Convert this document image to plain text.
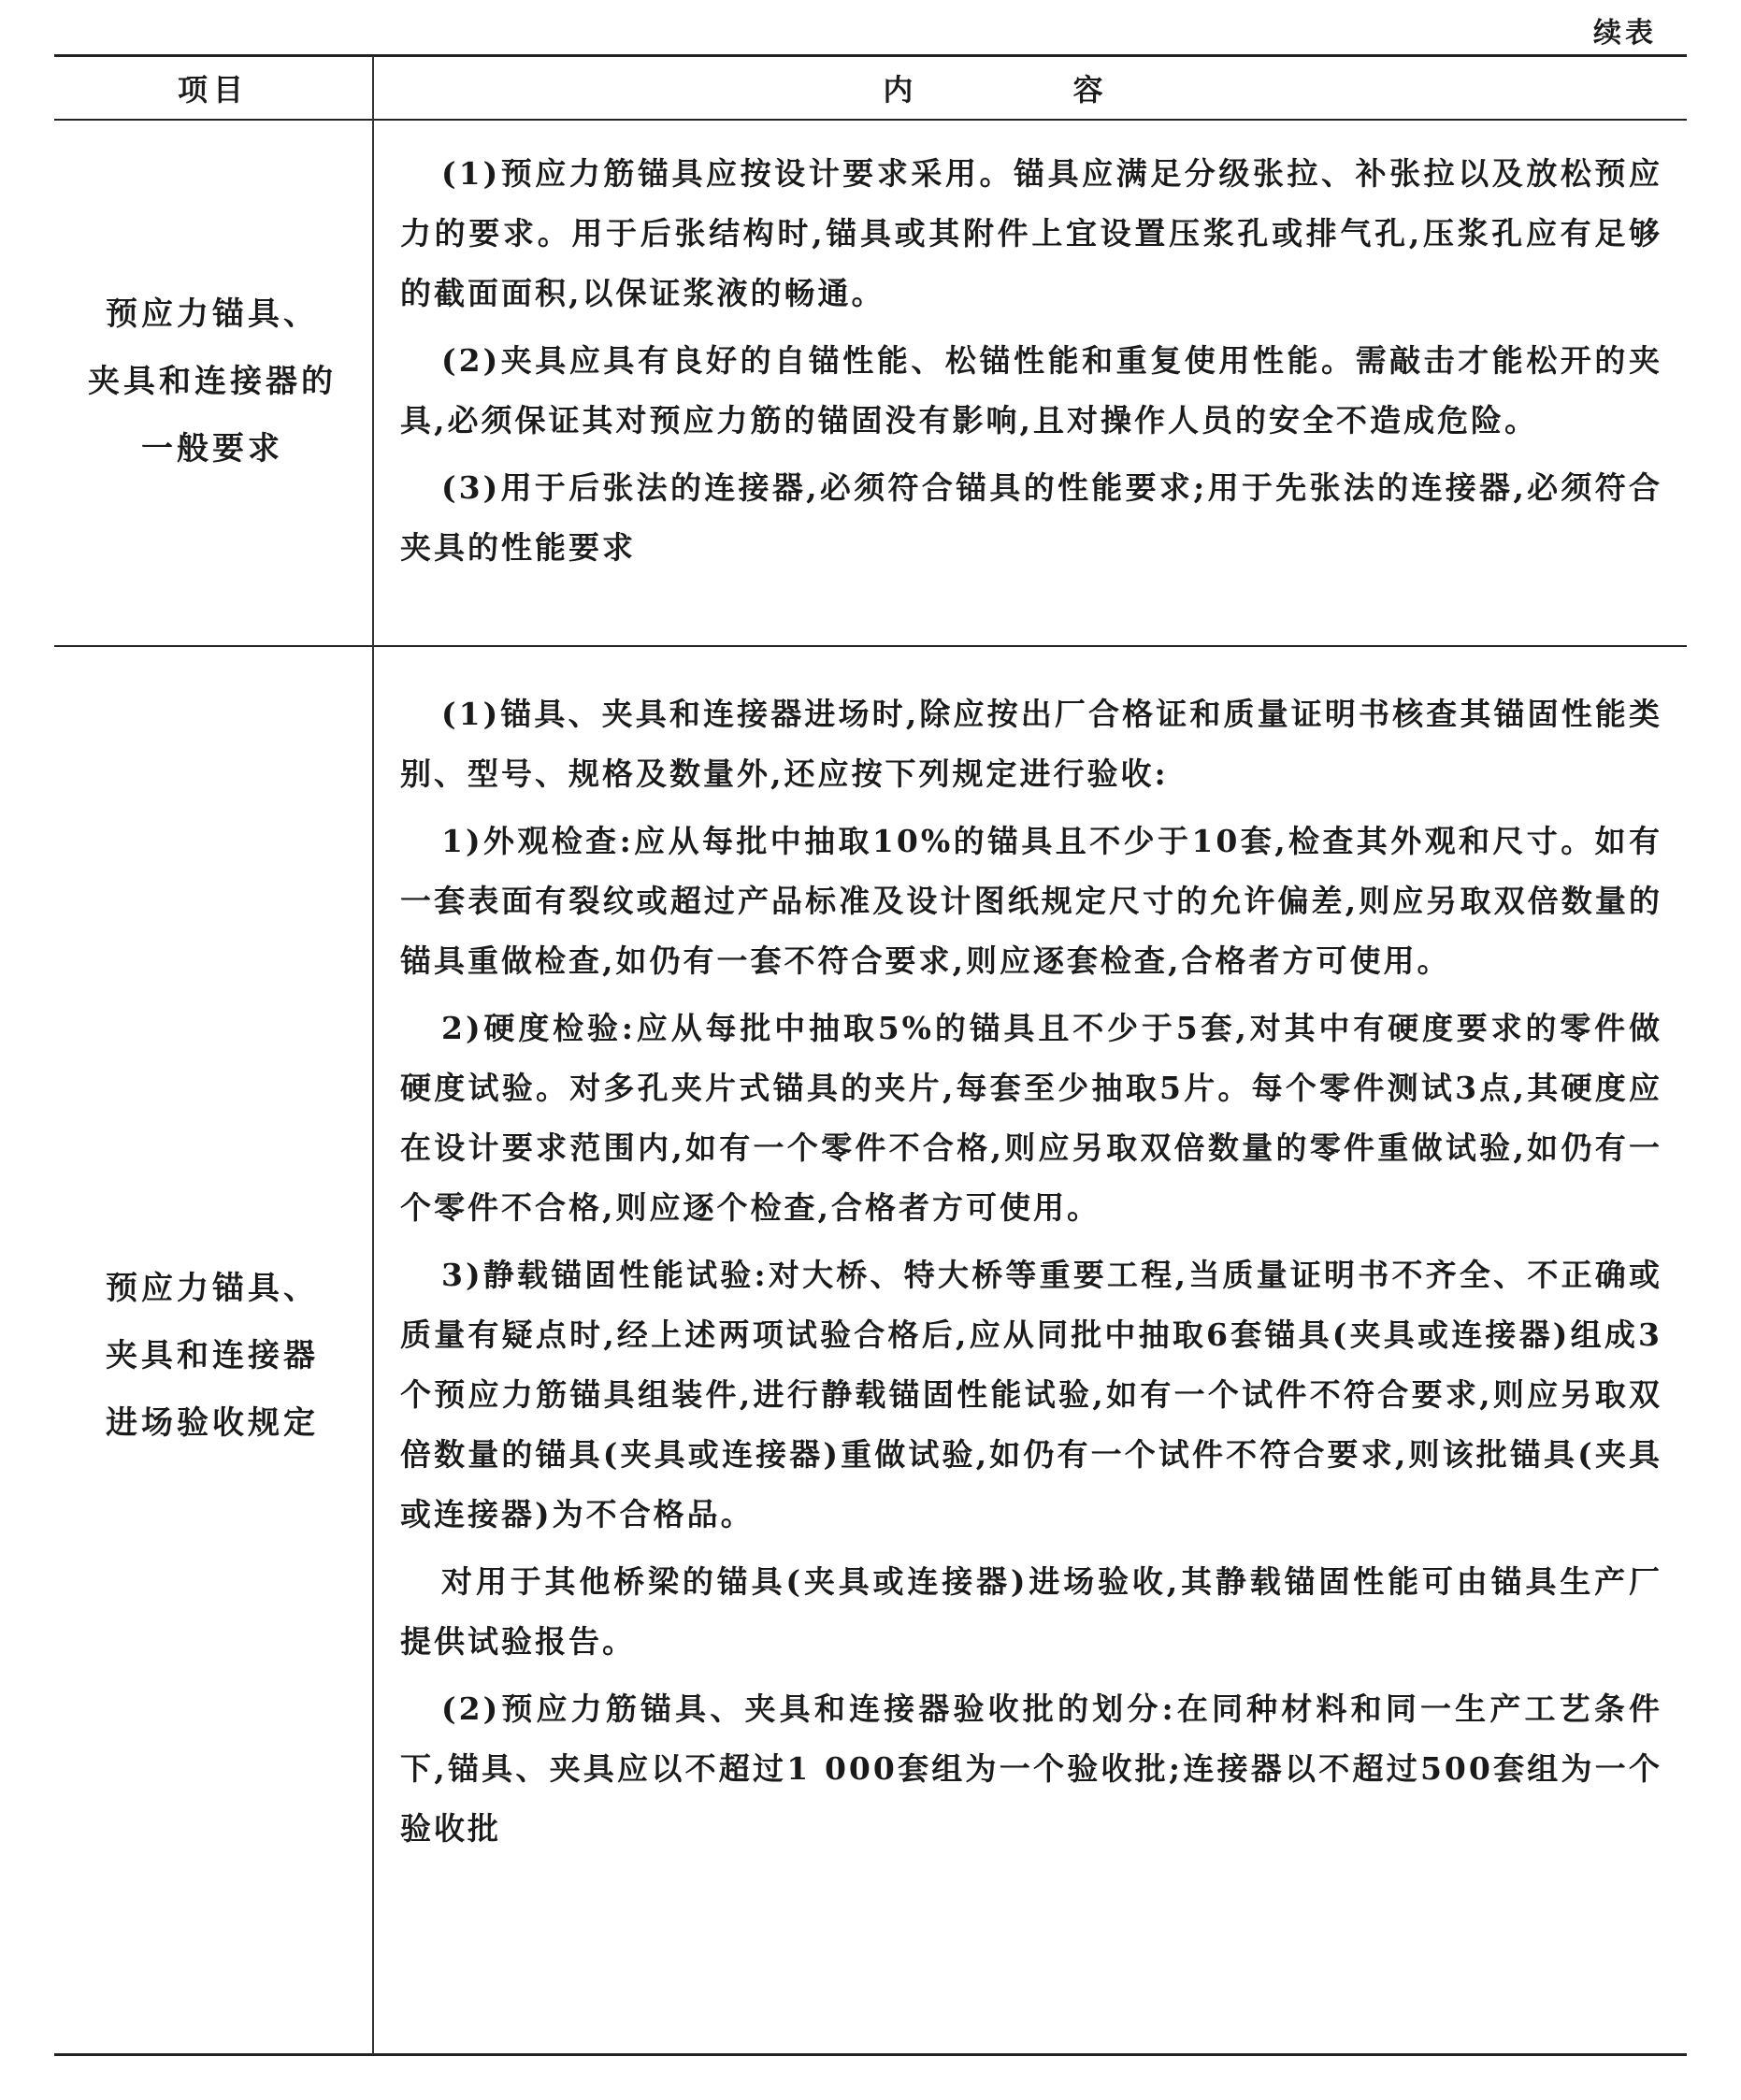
续表
项目	内 容
预应力锚具、
夹具和连接器的
一般要求

(1)预应力筋锚具应按设计要求采用。锚具应满足分级张拉、补张拉以及放松预应力的要求。用于后张结构时,锚具或其附件上宜设置压浆孔或排气孔,压浆孔应有足够的截面面积,以保证浆液的畅通。

(2)夹具应具有良好的自锚性能、松锚性能和重复使用性能。需敲击才能松开的夹具,必须保证其对预应力筋的锚固没有影响,且对操作人员的安全不造成危险。

(3)用于后张法的连接器,必须符合锚具的性能要求;用于先张法的连接器,必须符合夹具的性能要求

预应力锚具、
夹具和连接器
进场验收规定

(1)锚具、夹具和连接器进场时,除应按出厂合格证和质量证明书核查其锚固性能类别、型号、规格及数量外,还应按下列规定进行验收:

1)外观检查:应从每批中抽取10%的锚具且不少于10套,检查其外观和尺寸。如有一套表面有裂纹或超过产品标准及设计图纸规定尺寸的允许偏差,则应另取双倍数量的锚具重做检查,如仍有一套不符合要求,则应逐套检查,合格者方可使用。

2)硬度检验:应从每批中抽取5%的锚具且不少于5套,对其中有硬度要求的零件做硬度试验。对多孔夹片式锚具的夹片,每套至少抽取5片。每个零件测试3点,其硬度应在设计要求范围内,如有一个零件不合格,则应另取双倍数量的零件重做试验,如仍有一个零件不合格,则应逐个检查,合格者方可使用。

3)静载锚固性能试验:对大桥、特大桥等重要工程,当质量证明书不齐全、不正确或质量有疑点时,经上述两项试验合格后,应从同批中抽取6套锚具(夹具或连接器)组成3个预应力筋锚具组装件,进行静载锚固性能试验,如有一个试件不符合要求,则应另取双倍数量的锚具(夹具或连接器)重做试验,如仍有一个试件不符合要求,则该批锚具(夹具或连接器)为不合格品。

对用于其他桥梁的锚具(夹具或连接器)进场验收,其静载锚固性能可由锚具生产厂提供试验报告。

(2)预应力筋锚具、夹具和连接器验收批的划分:在同种材料和同一生产工艺条件下,锚具、夹具应以不超过1 000套组为一个验收批;连接器以不超过500套组为一个验收批
